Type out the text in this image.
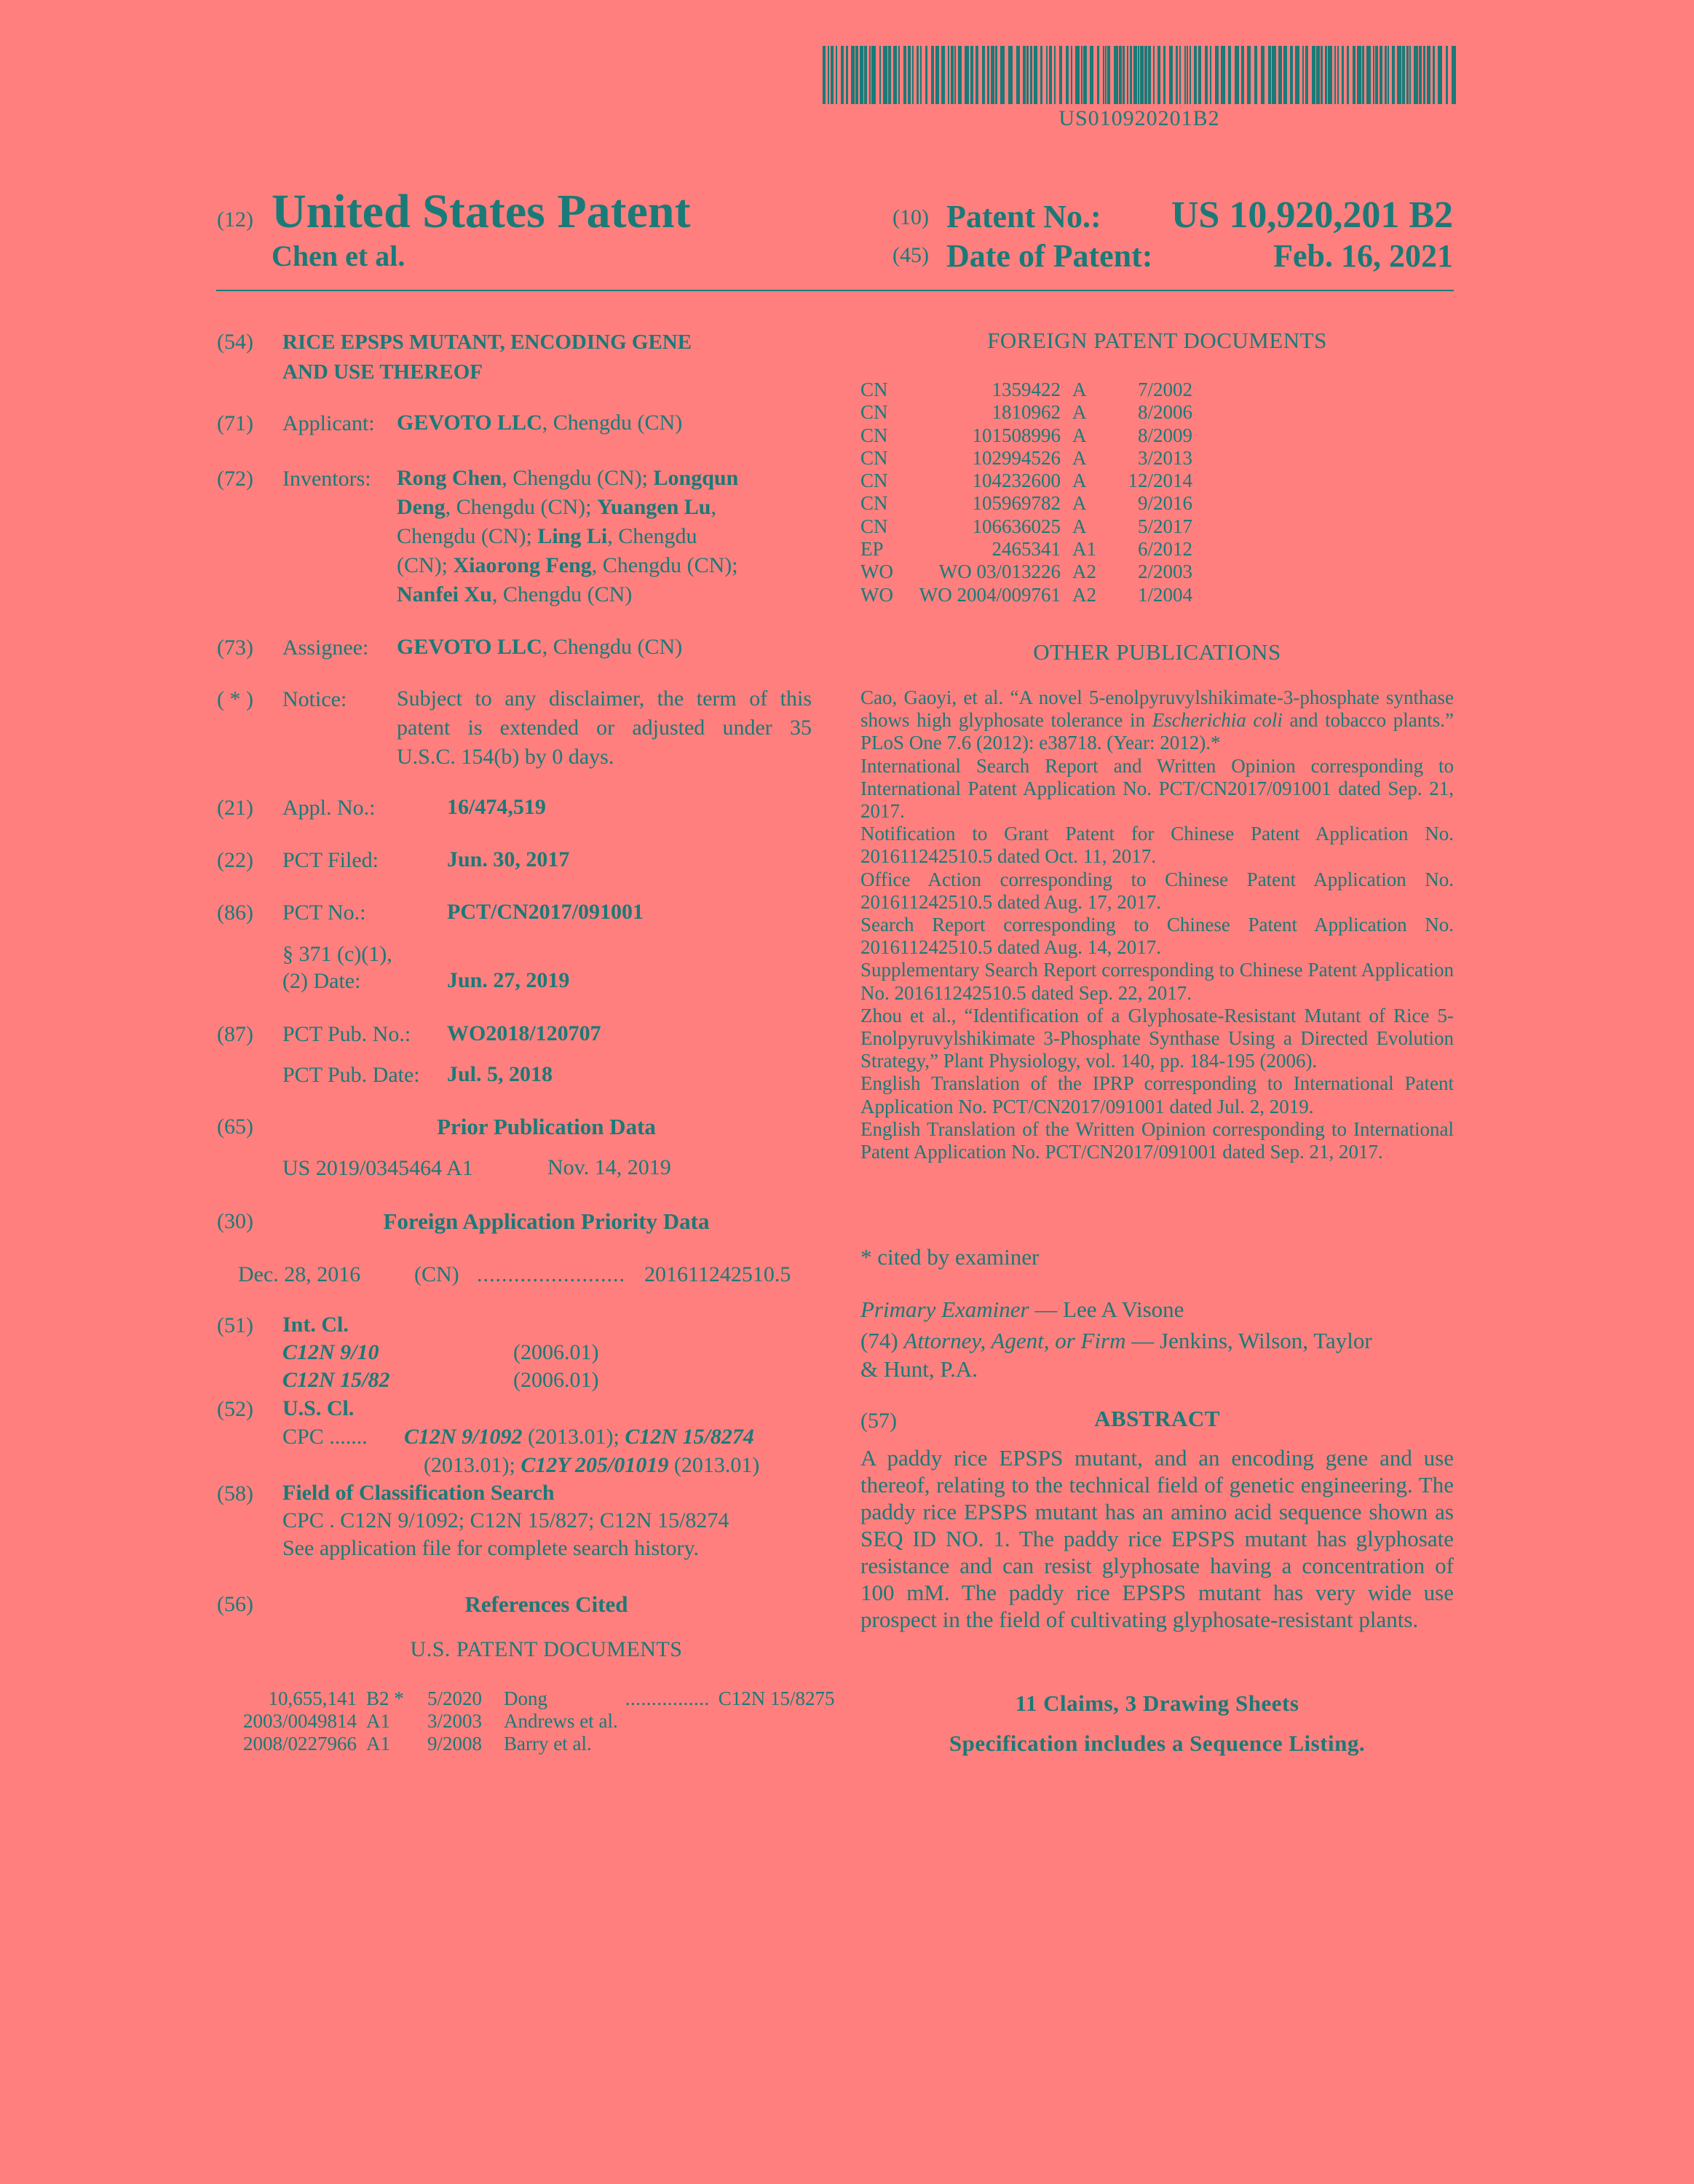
US010920201B2
(12) United States Patent
Chen et al.
(10) Patent No.: US 10,920,201 B2
(45) Date of Patent:	Feb. 16, 2021
(54) RICE EPSPS MUTANT, ENCODING GENE
AND USE THEREOF
(71) Applicant: GEVOTO LLC, Chengdu (CN)
(72) Inventors: Rong Chen, Chengdu (CN); Longqun
Deng, Chengdu (CN); Yuangen Lu,
Chengdu (CN); Ling Li, Chengdu
(CN); Xiaorong Feng, Chengdu (CN);
Nanfei Xu, Chengdu (CN)
(73) Assignee: GEVOTO LLC, Chengdu (CN)
( * ) Notice: Subject to any disclaimer, the term of this
patent is extended or adjusted under 35
U.S.C. 154(b) by 0 days.
(21) Appl. No.:	16/474,519
(22) PCT Filed:	Jun. 30, 2017
(86) PCT No.:	PCT/CN2017/091001
§ 371 (c)(1),
(2) Date:	Jun. 27, 2019
(87) PCT Pub. No.: WO2018/120707
PCT Pub. Date: Jul. 5, 2018
(65)	Prior Publication Data
US 2019/0345464 A1	Nov. 14, 2019
(30)	Foreign Application Priority Data
Dec. 28, 2016 (CN) ........................ 201611242510.5
(51) Int. Cl.
C12N 9/10	(2006.01)
C12N 15/82	(2006.01)
(52) U.S. Cl.
CPC ....... C12N 9/1092 (2013.01); C12N 15/8274
(2013.01); C12Y 205/01019 (2013.01)
(58) Field of Classification Search
CPC . C12N 9/1092; C12N 15/827; C12N 15/8274
See application file for complete search history.
(56)	References Cited
U.S. PATENT DOCUMENTS
10,655,141	B2 *	5/2020	Dong	................	C12N 15/8275
2003/0049814	A1	3/2003	Andrews et al.		
2008/0227966	A1	9/2008	Barry et al.		
FOREIGN PATENT DOCUMENTS
CN	1359422	A	7/2002
CN	1810962	A	8/2006
CN	101508996	A	8/2009
CN	102994526	A	3/2013
CN	104232600	A	12/2014
CN	105969782	A	9/2016
CN	106636025	A	5/2017
EP	2465341	A1	6/2012
WO	WO 03/013226	A2	2/2003
WO	WO 2004/009761	A2	1/2004
OTHER PUBLICATIONS

Cao, Gaoyi, et al. “A novel 5-enolpyruvylshikimate-3-phosphate synthase shows high glyphosate tolerance in Escherichia coli and tobacco plants.” PLoS One 7.6 (2012): e38718. (Year: 2012).*

International Search Report and Written Opinion corresponding to International Patent Application No. PCT/CN2017/091001 dated Sep. 21, 2017.

Notification to Grant Patent for Chinese Patent Application No. 201611242510.5 dated Oct. 11, 2017.

Office Action corresponding to Chinese Patent Application No. 201611242510.5 dated Aug. 17, 2017.

Search Report corresponding to Chinese Patent Application No. 201611242510.5 dated Aug. 14, 2017.

Supplementary Search Report corresponding to Chinese Patent Application No. 201611242510.5 dated Sep. 22, 2017.

Zhou et al., “Identification of a Glyphosate-Resistant Mutant of Rice 5-Enolpyruvylshikimate 3-Phosphate Synthase Using a Directed Evolution Strategy,” Plant Physiology, vol. 140, pp. 184-195 (2006).

English Translation of the IPRP corresponding to International Patent Application No. PCT/CN2017/091001 dated Jul. 2, 2019.

English Translation of the Written Opinion corresponding to International Patent Application No. PCT/CN2017/091001 dated Sep. 21, 2017.

* cited by examiner
Primary Examiner — Lee A Visone
(74) Attorney, Agent, or Firm — Jenkins, Wilson, Taylor
& Hunt, P.A.
(57)	ABSTRACT
A paddy rice EPSPS mutant, and an encoding gene and use thereof, relating to the technical field of genetic engineering. The paddy rice EPSPS mutant has an amino acid sequence shown as SEQ ID NO. 1. The paddy rice EPSPS mutant has glyphosate resistance and can resist glyphosate having a concentration of 100 mM. The paddy rice EPSPS mutant has very wide use prospect in the field of cultivating glyphosate-resistant plants.
11 Claims, 3 Drawing Sheets
Specification includes a Sequence Listing.
